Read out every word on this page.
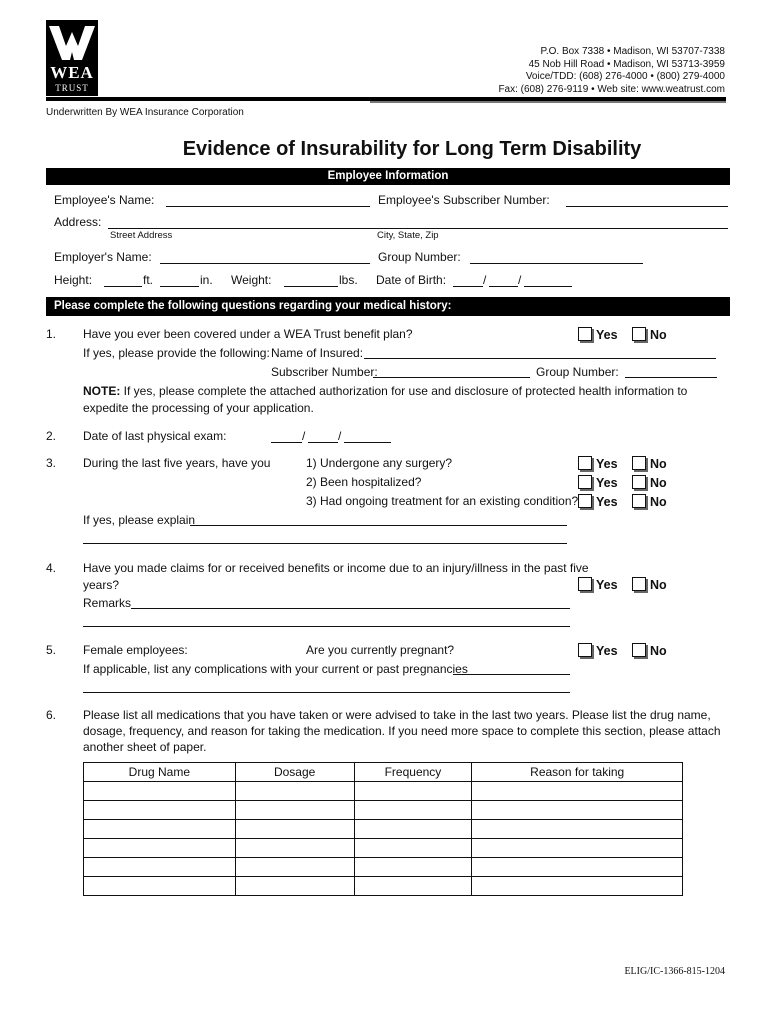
WEA
TRUST
P.O. Box 7338 • Madison, WI 53707-7338
45 Nob Hill Road • Madison, WI 53713-3959
Voice/TDD: (608) 276-4000 • (800) 279-4000
Fax: (608) 276-9119 • Web site: www.weatrust.com
Underwritten By WEA Insurance Corporation
Evidence of Insurability for Long Term Disability
Employee Information
Employee's Name:	Employee's Subscriber Number:
Address:
Street Address	City, State, Zip
Employer's Name:	Group Number:
Height:	ft.	in. Weight:	lbs. Date of Birth:	/	/
Please complete the following questions regarding your medical history:
1. Have you ever been covered under a WEA Trust benefit plan?	Yes	No
If yes, please provide the following: Name of Insured:
Subscriber Number:	Group Number:
NOTE: If yes, please complete the attached authorization for use and disclosure of protected health information to
expedite the processing of your application.
2. Date of last physical exam:	/	/
3. During the last five years, have you	1) Undergone any surgery?
2) Been hospitalized?
3) Had ongoing treatment for an existing condition?
Yes	No
Yes	No
Yes	No
If yes, please explain
4. Have you made claims for or received benefits or income due to an injury/illness in the past five
years?	Yes	No
Remarks
5. Female employees:	Are you currently pregnant?	Yes	No
If applicable, list any complications with your current or past pregnancies
6. Please list all medications that you have taken or were advised to take in the last two years. Please list the drug name,
dosage, frequency, and reason for taking the medication. If you need more space to complete this section, please attach
another sheet of paper.
Drug Name	Dosage	Frequency	Reason for taking

ELIG/IC-1366-815-1204
